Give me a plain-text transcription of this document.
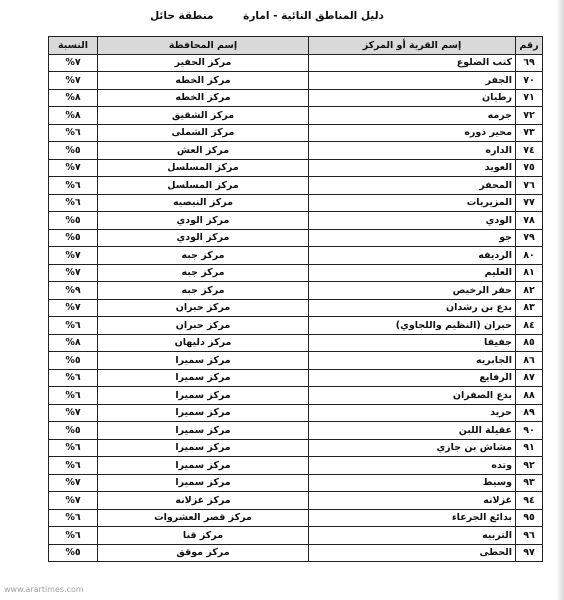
دليل المناطق النائية - امارة منطقة حائل
رقم	إسم القرية أو المركز	إسم المحافظة	النسبة
٦٩	كتب الضلوع	مركز الحفير	%٧
٧٠	الجفر	مركز الخطه	%٧
٧١	رطيان	مركز الخطه	%٨
٧٢	جرمه	مركز الشقيق	%٨
٧٣	محير ذوره	مركز الشملى	%٦
٧٤	الداره	مركز العش	%٥
٧٥	العويد	مركز المسلسل	%٧
٧٦	المحفر	مركز المسلسل	%٦
٧٧	المزيريات	مركز النيصيه	%٦
٧٨	الودي	مركز الودي	%٥
٧٩	جو	مركز الودي	%٥
٨٠	الرديفه	مركز جبه	%٧
٨١	العليم	مركز جبه	%٧
٨٢	حفر الرخيص	مركز جبه	%٩
٨٣	بدع بن رشدان	مركز حبران	%٧
٨٤	حبران (النظيم واللجاوي)	مركز حبران	%٦
٨٥	جفيفا	مركز دليهان	%٨
٨٦	الجابريه	مركز سميرا	%٥
٨٧	الرفايع	مركز سميرا	%٦
٨٨	بدع الصفران	مركز سميرا	%٦
٨٩	حريد	مركز سميرا	%٧
٩٠	عقيلة اللبن	مركز سميرا	%٥
٩١	مشاش بن جازي	مركز سميرا	%٦
٩٢	وتده	مركز سميرا	%٦
٩٣	وسيط	مركز سميرا	%٧
٩٤	غزلانه	مركز غزلانه	%٧
٩٥	بدائع الجرعاء	مركز قصر العشروات	%٦
٩٦	التربيه	مركز قنا	%٦
٩٧	الحطى	مركز موقق	%٥
www.arartimes.com
